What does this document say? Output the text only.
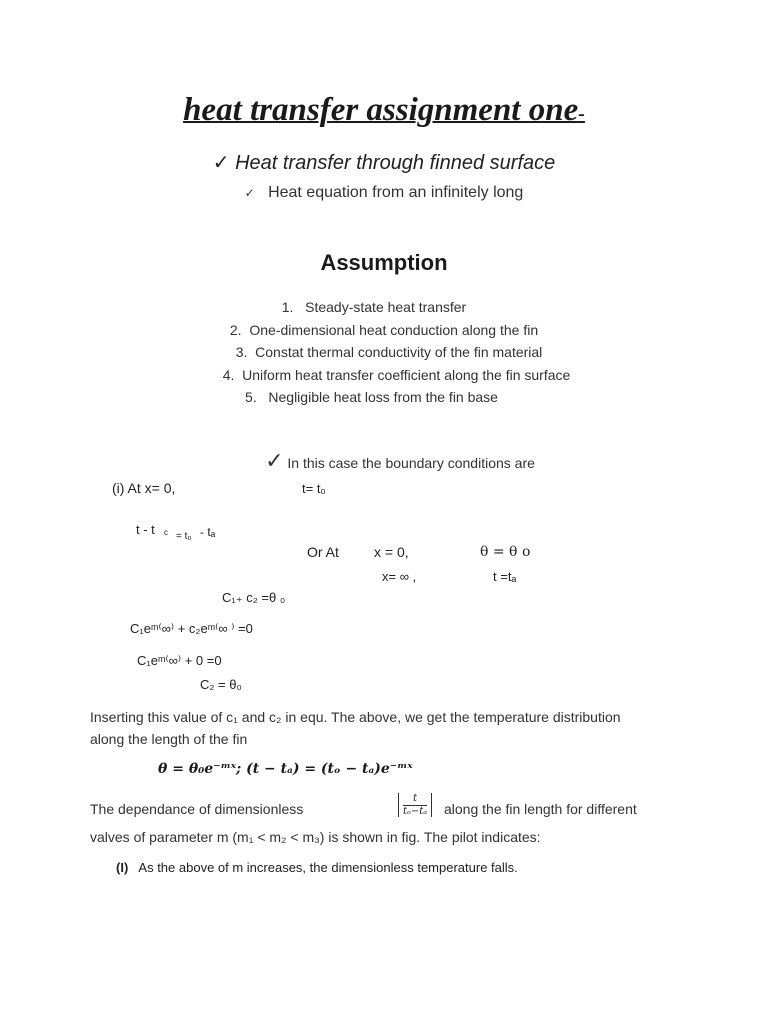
heat transfer assignment one-
✓ Heat transfer through finned surface
✓ Heat equation from an infinitely long
Assumption
1. Steady-state heat transfer
2. One-dimensional heat conduction along the fin
3. Constat thermal conductivity of the fin material
4. Uniform heat transfer coefficient along the fin surface
5. Negligible heat loss from the fin base
✓ In this case the boundary conditions are
(i) At x= 0,	t= t₀
t - t c = t₀ - tₐ
Or At	x = 0,	θ = θ o
x= ∞ ,	t =tₐ
C₁₊ c₂ =θ ₀
C₁eᵐ⁽∞⁾ + c₂eᵐ⁽∞ ⁾ =0
C₁eᵐ⁽∞⁾ + 0 =0
C₂ = θ₀
Inserting this value of c₁ and c₂ in equ. The above, we get the temperature distribution
along the length of the fin
θ = θ₀e⁻ᵐˣ; (t − tₐ) = (tₒ − tₐ)e⁻ᵐˣ
The dependance of dimensionless	$\frac{t}{\text{tₒ−tₐ}}$ along the fin length for different
valves of parameter m (m₁ < m₂ < m₃) is shown in fig. The pilot indicates:
(I) As the above of m increases, the dimensionless temperature falls.
